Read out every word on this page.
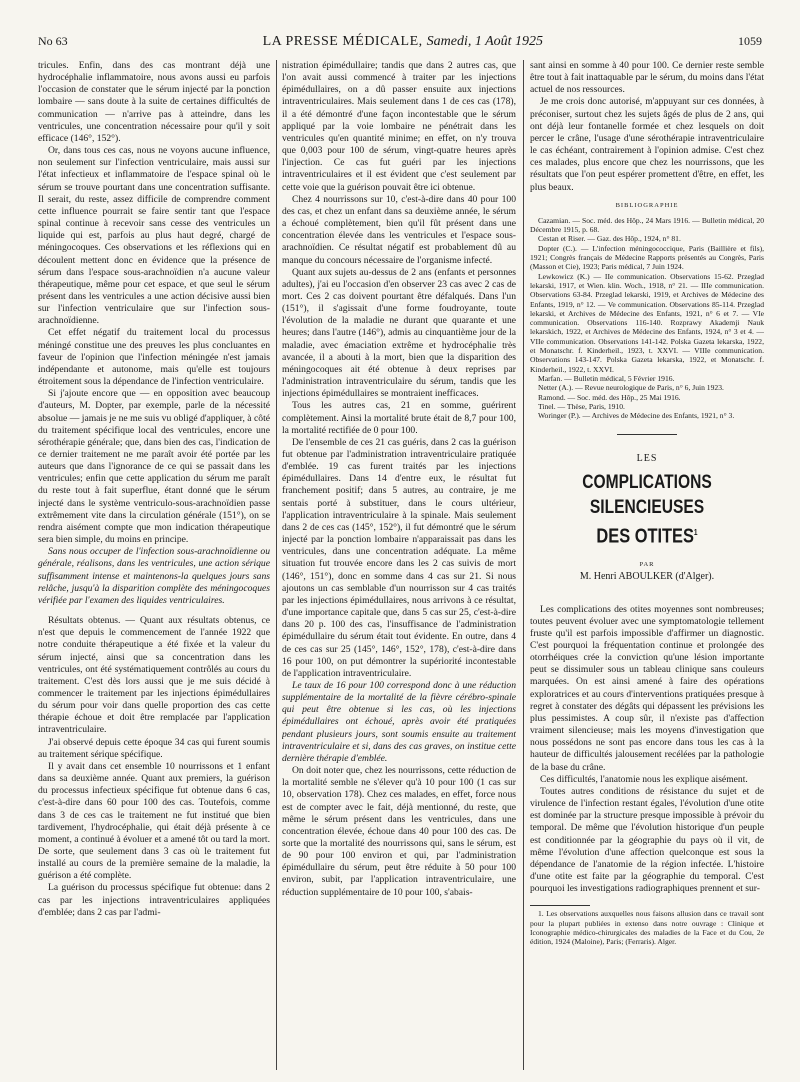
No 63	LA PRESSE MÉDICALE, Samedi, 1 Août 1925	1059

tricules. Enfin, dans des cas montrant déjà une hydrocéphalie inflammatoire, nous avons aussi eu parfois l'occasion de constater que le sérum injecté par la ponction lombaire — sans doute à la suite de certaines difficultés de communication — n'arrive pas à atteindre, dans les ventricules, une concentration nécessaire pour qu'il y soit efficace (146°, 152°).

Or, dans tous ces cas, nous ne voyons aucune influence, non seulement sur l'infection ventriculaire, mais aussi sur l'état infectieux et inflammatoire de l'espace spinal où le sérum se trouve pourtant dans une concentration suffisante. Il serait, du reste, assez difficile de comprendre comment cette influence pourrait se faire sentir tant que l'espace spinal continue à recevoir sans cesse des ventricules un liquide qui est, parfois au plus haut degré, chargé de méningocoques. Ces observations et les réflexions qui en découlent mettent donc en évidence que la présence de sérum dans l'espace sous-arachnoïdien n'a aucune valeur thérapeutique, même pour cet espace, et que seul le sérum présent dans les ventricules a une action décisive aussi bien sur l'infection ventriculaire que sur l'infection sous-arachnoïdienne.

Cet effet négatif du traitement local du processus méningé constitue une des preuves les plus concluantes en faveur de l'opinion que l'infection méningée n'est jamais indépendante et autonome, mais qu'elle est toujours étroitement sous la dépendance de l'infection ventriculaire.

Si j'ajoute encore que — en opposition avec beaucoup d'auteurs, M. Dopter, par exemple, parle de la nécessité absolue — jamais je ne me suis vu obligé d'appliquer, à côté du traitement spécifique local des ventricules, encore une sérothérapie générale; que, dans bien des cas, l'indication de ce dernier traitement ne me paraît avoir été portée par les auteurs que dans l'ignorance de ce qui se passait dans les ventricules; enfin que cette application du sérum me paraît du reste tout à fait superflue, étant donné que le sérum injecté dans le système ventriculo-sous-arachnoïdien passe extrêmement vite dans la circulation générale (151°), on se rendra aisément compte que mon indication thérapeutique sera bien simple, du moins en principe.

Sans nous occuper de l'infection sous-arachnoïdienne ou générale, réalisons, dans les ventricules, une action sérique suffisamment intense et maintenons-la quelques jours sans relâche, jusqu'à la disparition complète des méningocoques vérifiée par l'examen des liquides ventriculaires.

Résultats obtenus. — Quant aux résultats obtenus, ce n'est que depuis le commencement de l'année 1922 que notre conduite thérapeutique a été fixée et la valeur du sérum injecté, ainsi que sa concentration dans les ventricules, ont été systématiquement contrôlés au cours du traitement. C'est dès lors aussi que je me suis décidé à commencer le traitement par les injections épimédullaires du sérum pour voir dans quelle proportion des cas cette thérapie échoue et doit être remplacée par l'application intraventriculaire.

J'ai observé depuis cette époque 34 cas qui furent soumis au traitement sérique spécifique.

Il y avait dans cet ensemble 10 nourrissons et 1 enfant dans sa deuxième année. Quant aux premiers, la guérison du processus infectieux spécifique fut obtenue dans 6 cas, c'est-à-dire dans 60 pour 100 des cas. Toutefois, comme dans 3 de ces cas le traitement ne fut institué que bien tardivement, l'hydrocéphalie, qui était déjà présente à ce moment, a continué à évoluer et a amené tôt ou tard la mort. De sorte, que seulement dans 3 cas où le traitement fut installé au cours de la première semaine de la maladie, la guérison a été complète.

La guérison du processus spécifique fut obtenue: dans 2 cas par les injections intraventriculaires appliquées d'emblée; dans 2 cas par l'admi-

nistration épimédullaire; tandis que dans 2 autres cas, que l'on avait aussi commencé à traiter par les injections épimédullaires, on a dû passer ensuite aux injections intraventriculaires. Mais seulement dans 1 de ces cas (178), il a été démontré d'une façon incontestable que le sérum appliqué par la voie lombaire ne pénétrait dans les ventricules qu'en quantité minime; en effet, on n'y trouva que 0,003 pour 100 de sérum, vingt-quatre heures après l'injection. Ce cas fut guéri par les injections intraventriculaires et il est évident que c'est seulement par cette voie que la guérison pouvait être ici obtenue.

Chez 4 nourrissons sur 10, c'est-à-dire dans 40 pour 100 des cas, et chez un enfant dans sa deuxième année, le sérum a échoué complètement, bien qu'il fût présent dans une concentration élevée dans les ventricules et l'espace sous-arachnoïdien. Ce résultat négatif est probablement dû au manque du concours nécessaire de l'organisme infecté.

Quant aux sujets au-dessus de 2 ans (enfants et personnes adultes), j'ai eu l'occasion d'en observer 23 cas avec 2 cas de mort. Ces 2 cas doivent pourtant être défalqués. Dans l'un (151°), il s'agissait d'une forme foudroyante, toute l'évolution de la maladie ne durant que quarante et une heures; dans l'autre (146°), admis au cinquantième jour de la maladie, avec émaciation extrême et hydrocéphalie très avancée, il a abouti à la mort, bien que la disparition des méningocoques ait été obtenue à deux reprises par l'administration intraventriculaire du sérum, tandis que les injections épimédullaires se montraient inefficaces.

Tous les autres cas, 21 en somme, guérirent complètement. Ainsi la mortalité brute était de 8,7 pour 100, la mortalité rectifiée de 0 pour 100.

De l'ensemble de ces 21 cas guéris, dans 2 cas la guérison fut obtenue par l'administration intraventriculaire pratiquée d'emblée. 19 cas furent traités par les injections épimédullaires. Dans 14 d'entre eux, le résultat fut franchement positif; dans 5 autres, au contraire, je me sentais porté à substituer, dans le cours ultérieur, l'application intraventriculaire à la spinale. Mais seulement dans 2 de ces cas (145°, 152°), il fut démontré que le sérum injecté par la ponction lombaire n'apparaissait pas dans les ventricules, dans une concentration adéquate. La même situation fut trouvée encore dans les 2 cas suivis de mort (146°, 151°), donc en somme dans 4 cas sur 21. Si nous ajoutons un cas semblable d'un nourrisson sur 4 cas traités par les injections épimédullaires, nous arrivons à ce résultat, d'une importance capitale que, dans 5 cas sur 25, c'est-à-dire dans 20 p. 100 des cas, l'insuffisance de l'administration épimédullaire du sérum était tout évidente. En outre, dans 4 de ces cas sur 25 (145°, 146°, 152°, 178), c'est-à-dire dans 16 pour 100, on put démontrer la supériorité incontestable de l'application intraventriculaire.

Le taux de 16 pour 100 correspond donc à une réduction supplémentaire de la mortalité de la fièvre cérébro-spinale qui peut être obtenue si les cas, où les injections épimédullaires ont échoué, après avoir été pratiquées pendant plusieurs jours, sont soumis ensuite au traitement intraventriculaire et si, dans des cas graves, on institue cette dernière thérapie d'emblée.

On doit noter que, chez les nourrissons, cette réduction de la mortalité semble ne s'élever qu'à 10 pour 100 (1 cas sur 10, observation 178). Chez ces malades, en effet, force nous est de compter avec le fait, déjà mentionné, du reste, que même le sérum présent dans les ventricules, dans une concentration élevée, échoue dans 40 pour 100 des cas. De sorte que la mortalité des nourrissons qui, sans le sérum, est de 90 pour 100 environ et qui, par l'administration épimédullaire du sérum, peut être réduite à 50 pour 100 environ, subit, par l'application intraventriculaire, une réduction supplémentaire de 10 pour 100, s'abais-

sant ainsi en somme à 40 pour 100. Ce dernier reste semble être tout à fait inattaquable par le sérum, du moins dans l'état actuel de nos ressources.

Je me crois donc autorisé, m'appuyant sur ces données, à préconiser, surtout chez les sujets âgés de plus de 2 ans, qui ont déjà leur fontanelle formée et chez lesquels on doit percer le crâne, l'usage d'une sérothérapie intraventriculaire le cas échéant, contrairement à l'opinion admise. C'est chez ces malades, plus encore que chez les nourrissons, que les résultats que l'on peut espérer promettent d'être, en effet, les plus beaux.

BIBLIOGRAPHIE
Cazamian. — Soc. méd. des Hôp., 24 Mars 1916. — Bulletin médical, 20 Décembre 1915, p. 68.
Cestan et Riser. — Gaz. des Hôp., 1924, n° 81.
Dopter (C.). — L'infection méningococcique, Paris (Baillière et fils), 1921; Congrès français de Médecine Rapports présentés au Congrès, Paris (Masson et Cie), 1923; Paris médical, 7 Juin 1924.
Lewkowicz (K.) — IIe communication. Observations 15-62. Przeglad lekarski, 1917, et Wien. klin. Woch., 1918, n° 21. — IIIe communication. Observations 63-84. Przeglad lekarski, 1919, et Archives de Médecine des Enfants, 1919, n° 12. — Ve communication. Observations 85-114. Przeglad lekarski, et Archives de Médecine des Enfants, 1921, n° 6 et 7. — VIe communication. Observations 116-140. Rozprawy Akademji Nauk lekarskich, 1922, et Archives de Médecine des Enfants, 1924, n° 3 et 4. — VIIe communication. Observations 141-142. Polska Gazeta lekarska, 1922, et Monatschr. f. Kinderheil., 1923, t. XXVI. — VIIIe communication. Observations 143-147. Polska Gazeta lekarska, 1922, et Monatschr. f. Kinderheil., 1922, t. XXVI.
Marfan. — Bulletin médical, 5 Février 1916.
Netter (A.). — Revue neurologique de Paris, n° 6, Juin 1923.
Ramond. — Soc. méd. des Hôp., 25 Mai 1916.
Tinel. — Thèse, Paris, 1910.
Woringer (P.). — Archives de Médecine des Enfants, 1921, n° 3.
LES
COMPLICATIONS SILENCIEUSES
DES OTITES$^1$
PAR
M. Henri ABOULKER (d'Alger).

Les complications des otites moyennes sont nombreuses; toutes peuvent évoluer avec une symptomatologie tellement fruste qu'il est parfois impossible d'affirmer un diagnostic. C'est pourquoi la fréquentation continue et prolongée des otorrhéiques crée la conviction qu'une lésion importante peut se dissimuler sous un tableau clinique sans couleurs marquées. On est ainsi amené à faire des opérations exploratrices et au cours d'interventions pratiquées presque à regret à constater des dégâts qui dépassent les prévisions les plus pessimistes. A coup sûr, il n'existe pas d'affection vraiment silencieuse; mais les moyens d'investigation que nous possédons ne sont pas encore dans tous les cas à la hauteur de difficultés jalousement recélées par la pathologie de la base du crâne.

Ces difficultés, l'anatomie nous les explique aisément.

Toutes autres conditions de résistance du sujet et de virulence de l'infection restant égales, l'évolution d'une otite est dominée par la structure presque impossible à prévoir du temporal. De même que l'évolution historique d'un peuple est conditionnée par la géographie du pays où il vit, de même l'évolution d'une affection quelconque est sous la dépendance de l'anatomie de la région infectée. L'histoire d'une otite est faite par la géographie du temporal. C'est pourquoi les investigations radiographiques prennent et sur-

1. Les observations auxquelles nous faisons allusion dans ce travail sont pour la plupart publiées in extenso dans notre ouvrage : Clinique et Iconographie médico-chirurgicales des maladies de la Face et du Cou, 2e édition, 1924 (Maloine), Paris; (Ferraris). Alger.
